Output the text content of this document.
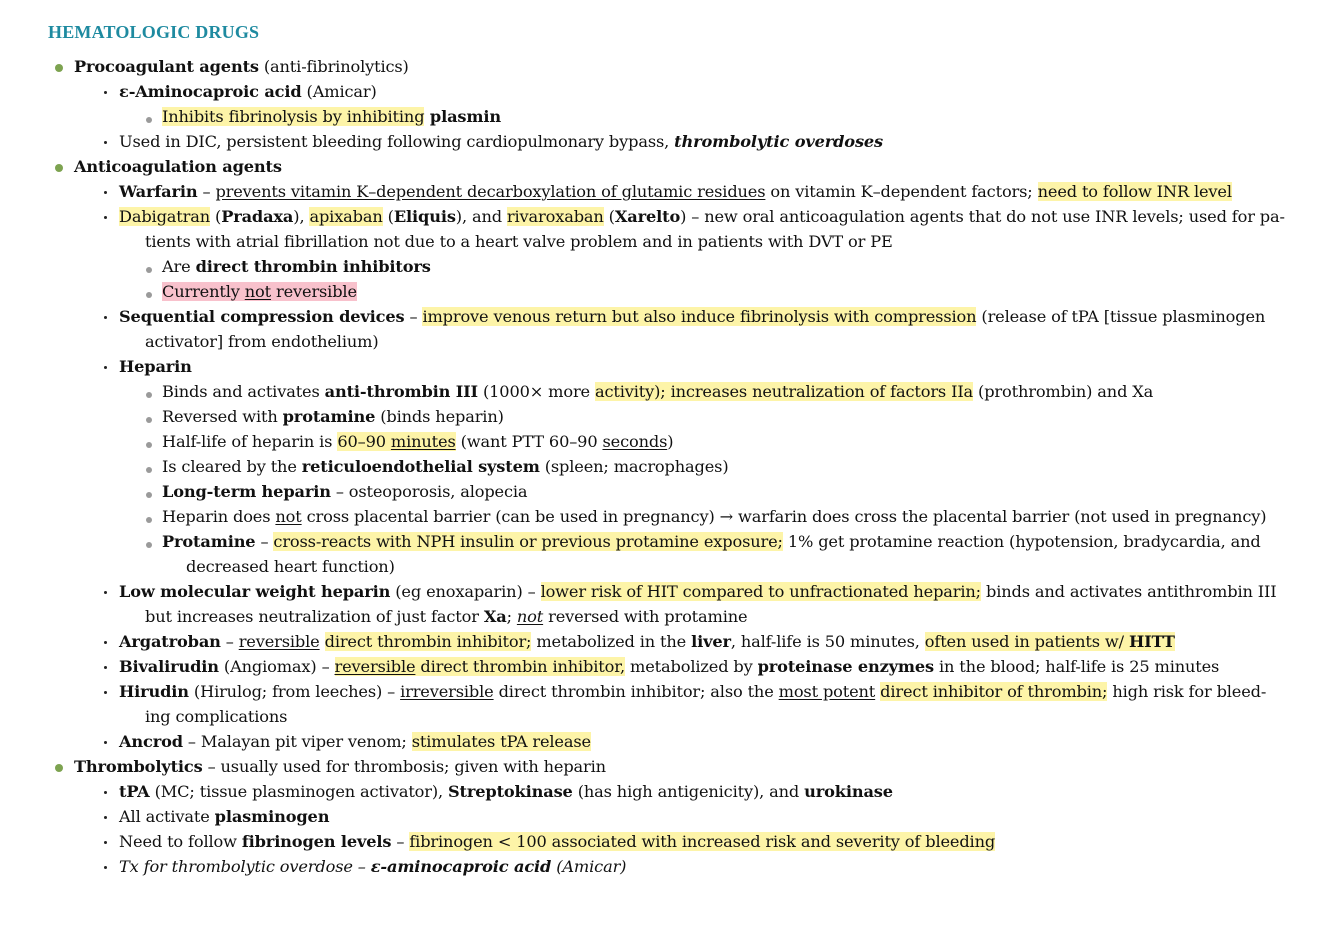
HEMATOLOGIC DRUGS
Procoagulant agents (anti-fibrinolytics)
ε-Aminocaproic acid (Amicar)
Inhibits fibrinolysis by inhibiting plasmin
Used in DIC, persistent bleeding following cardiopulmonary bypass, thrombolytic overdoses
Anticoagulation agents
Warfarin – prevents vitamin K–dependent decarboxylation of glutamic residues on vitamin K–dependent factors; need to follow INR level
Dabigatran (Pradaxa), apixaban (Eliquis), and rivaroxaban (Xarelto) – new oral anticoagulation agents that do not use INR levels; used for pa-
tients with atrial fibrillation not due to a heart valve problem and in patients with DVT or PE
Are direct thrombin inhibitors
Currently not reversible
Sequential compression devices – improve venous return but also induce fibrinolysis with compression (release of tPA [tissue plasminogen
activator] from endothelium)
Heparin
Binds and activates anti-thrombin III (1000× more activity); increases neutralization of factors IIa (prothrombin) and Xa
Reversed with protamine (binds heparin)
Half-life of heparin is 60–90 minutes (want PTT 60–90 seconds)
Is cleared by the reticuloendothelial system (spleen; macrophages)
Long-term heparin – osteoporosis, alopecia
Heparin does not cross placental barrier (can be used in pregnancy) → warfarin does cross the placental barrier (not used in pregnancy)
Protamine – cross-reacts with NPH insulin or previous protamine exposure; 1% get protamine reaction (hypotension, bradycardia, and
decreased heart function)
Low molecular weight heparin (eg enoxaparin) – lower risk of HIT compared to unfractionated heparin; binds and activates antithrombin III
but increases neutralization of just factor Xa; not reversed with protamine
Argatroban – reversible direct thrombin inhibitor; metabolized in the liver, half-life is 50 minutes, often used in patients w/ HITT
Bivalirudin (Angiomax) – reversible direct thrombin inhibitor, metabolized by proteinase enzymes in the blood; half-life is 25 minutes
Hirudin (Hirulog; from leeches) – irreversible direct thrombin inhibitor; also the most potent direct inhibitor of thrombin; high risk for bleed-
ing complications
Ancrod – Malayan pit viper venom; stimulates tPA release
Thrombolytics – usually used for thrombosis; given with heparin
tPA (MC; tissue plasminogen activator), Streptokinase (has high antigenicity), and urokinase
All activate plasminogen
Need to follow fibrinogen levels – fibrinogen < 100 associated with increased risk and severity of bleeding
Tx for thrombolytic overdose – ε-aminocaproic acid (Amicar)
